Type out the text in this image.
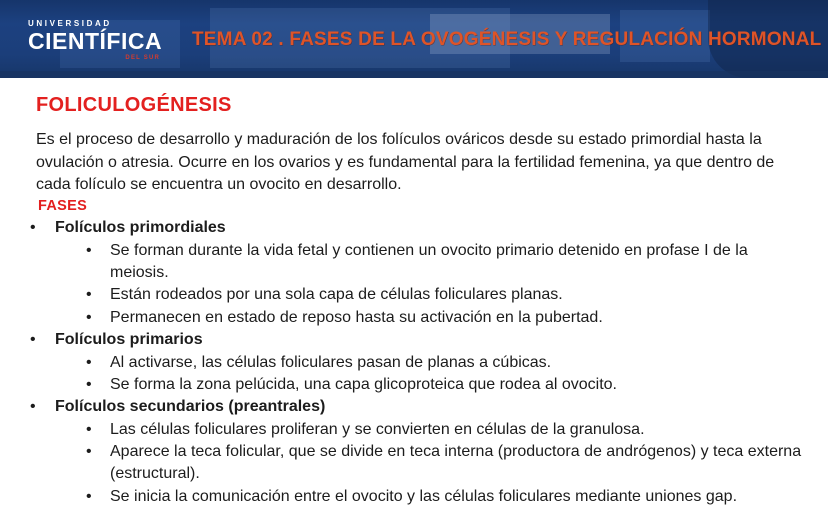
UNIVERSIDAD
CIENTÍFICA
DEL SUR
TEMA 02 . FASES DE LA OVOGÉNESIS Y REGULACIÓN HORMONAL
FOLICULOGÉNESIS

Es el proceso de desarrollo y maduración de los folículos ováricos desde su estado primordial hasta la ovulación o atresia. Ocurre en los ovarios y es fundamental para la fertilidad femenina, ya que dentro de cada folículo se encuentra un ovocito en desarrollo.

FASES
• Folículos primordiales
• Se forman durante la vida fetal y contienen un ovocito primario detenido en profase I de la meiosis.
• Están rodeados por una sola capa de células foliculares planas.
• Permanecen en estado de reposo hasta su activación en la pubertad.
• Folículos primarios
• Al activarse, las células foliculares pasan de planas a cúbicas.
• Se forma la zona pelúcida, una capa glicoproteica que rodea al ovocito.
• Folículos secundarios (preantrales)
• Las células foliculares proliferan y se convierten en células de la granulosa.
• Aparece la teca folicular, que se divide en teca interna (productora de andrógenos) y teca externa (estructural).
• Se inicia la comunicación entre el ovocito y las células foliculares mediante uniones gap.
